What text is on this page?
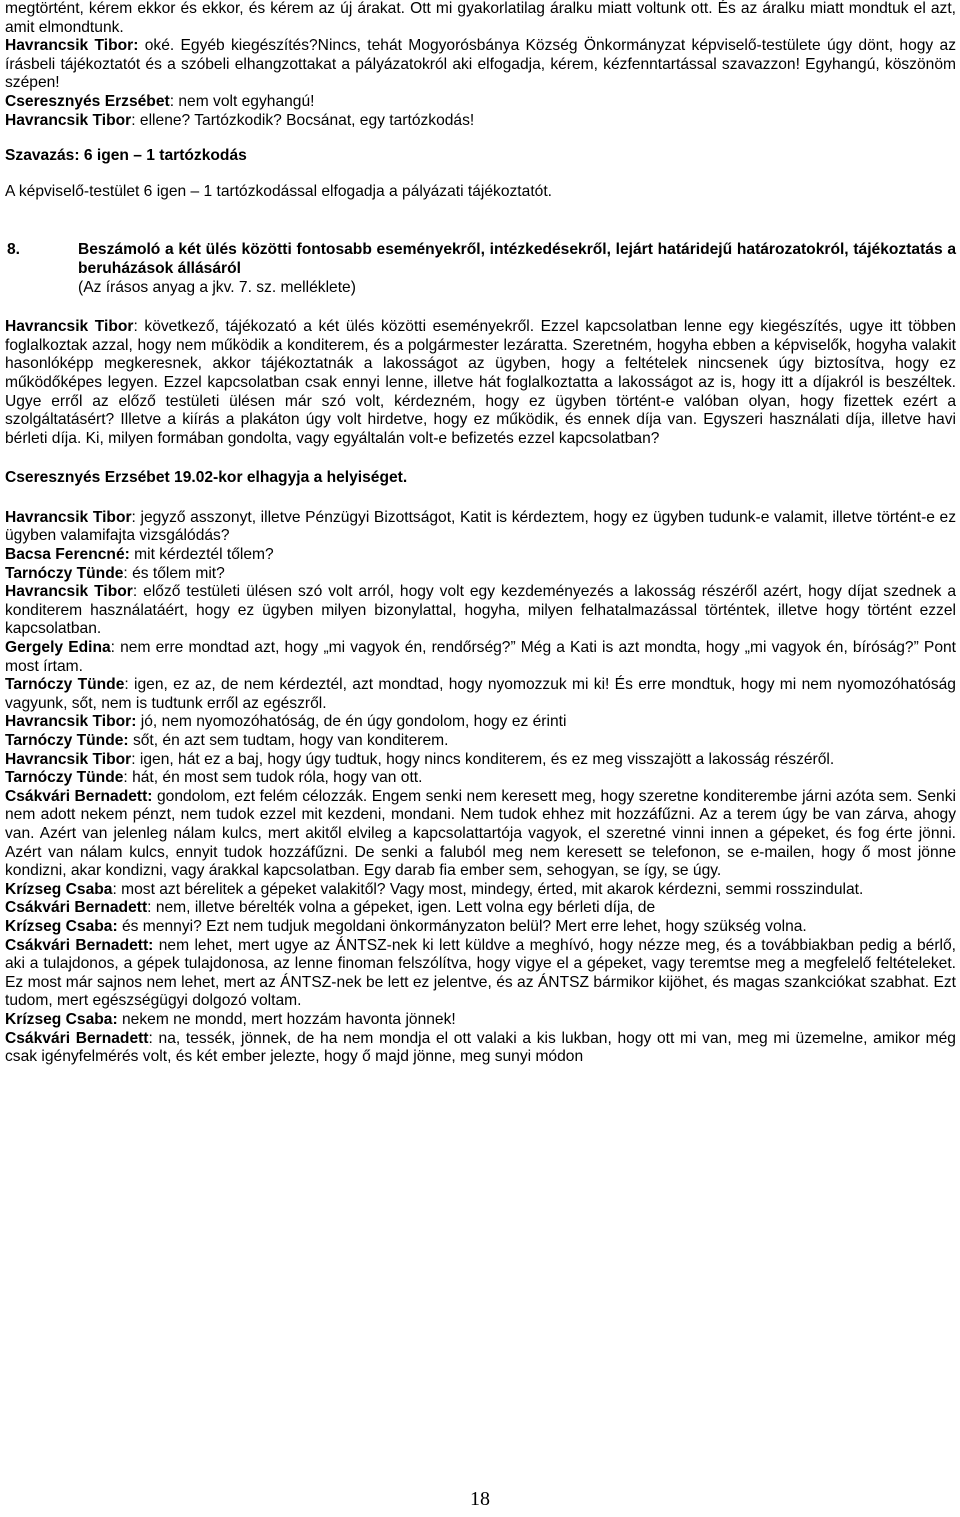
megtörtént, kérem ekkor és ekkor, és kérem az új árakat. Ott mi gyakorlatilag áralku miatt voltunk ott. És az áralku miatt mondtuk el azt, amit elmondtunk.

Havrancsik Tibor: oké. Egyéb kiegészítés?Nincs, tehát Mogyorósbánya Község Önkormányzat képviselő-testülete úgy dönt, hogy az írásbeli tájékoztatót és a szóbeli elhangzottakat a pályázatokról aki elfogadja, kérem, kézfenntartással szavazzon! Egyhangú, köszönöm szépen!

Cseresznyés Erzsébet: nem volt egyhangú!

Havrancsik Tibor: ellene? Tartózkodik? Bocsánat, egy tartózkodás!

Szavazás: 6 igen – 1 tartózkodás

A képviselő-testület 6 igen – 1 tartózkodással elfogadja a pályázati tájékoztatót.

8.	Beszámoló a két ülés közötti fontosabb eseményekről, intézkedésekről, lejárt határidejű határozatokról, tájékoztatás a beruházások állásáról
(Az írásos anyag a jkv. 7. sz. melléklete)

Havrancsik Tibor: következő, tájékozató a két ülés közötti eseményekről. Ezzel kapcsolatban lenne egy kiegészítés, ugye itt többen foglalkoztak azzal, hogy nem működik a konditerem, és a polgármester lezáratta. Szeretném, hogyha ebben a képviselők, hogyha valakit hasonlóképp megkeresnek, akkor tájékoztatnák a lakosságot az ügyben, hogy a feltételek nincsenek úgy biztosítva, hogy ez működőképes legyen. Ezzel kapcsolatban csak ennyi lenne, illetve hát foglalkoztatta a lakosságot az is, hogy itt a díjakról is beszéltek. Ugye erről az előző testületi ülésen már szó volt, kérdezném, hogy ez ügyben történt-e valóban olyan, hogy fizettek ezért a szolgáltatásért? Illetve a kiírás a plakáton úgy volt hirdetve, hogy ez működik, és ennek díja van. Egyszeri használati díja, illetve havi bérleti díja. Ki, milyen formában gondolta, vagy egyáltalán volt-e befizetés ezzel kapcsolatban?

Cseresznyés Erzsébet 19.02-kor elhagyja a helyiséget.

Havrancsik Tibor: jegyző asszonyt, illetve Pénzügyi Bizottságot, Katit is kérdeztem, hogy ez ügyben tudunk-e valamit, illetve történt-e ez ügyben valamifajta vizsgálódás?

Bacsa Ferencné: mit kérdeztél tőlem?

Tarnóczy Tünde: és tőlem mit?

Havrancsik Tibor: előző testületi ülésen szó volt arról, hogy volt egy kezdeményezés a lakosság részéről azért, hogy díjat szednek a konditerem használatáért, hogy ez ügyben milyen bizonylattal, hogyha, milyen felhatalmazással történtek, illetve hogy történt ezzel kapcsolatban.

Gergely Edina: nem erre mondtad azt, hogy „mi vagyok én, rendőrség?” Még a Kati is azt mondta, hogy „mi vagyok én, bíróság?” Pont most írtam.

Tarnóczy Tünde: igen, ez az, de nem kérdeztél, azt mondtad, hogy nyomozzuk mi ki! És erre mondtuk, hogy mi nem nyomozóhatóság vagyunk, sőt, nem is tudtunk erről az egészről.

Havrancsik Tibor: jó, nem nyomozóhatóság, de én úgy gondolom, hogy ez érinti

Tarnóczy Tünde: sőt, én azt sem tudtam, hogy van konditerem.

Havrancsik Tibor: igen, hát ez a baj, hogy úgy tudtuk, hogy nincs konditerem, és ez meg visszajött a lakosság részéről.

Tarnóczy Tünde: hát, én most sem tudok róla, hogy van ott.

Csákvári Bernadett: gondolom, ezt felém célozzák. Engem senki nem keresett meg, hogy szeretne konditerembe járni azóta sem. Senki nem adott nekem pénzt, nem tudok ezzel mit kezdeni, mondani. Nem tudok ehhez mit hozzáfűzni. Az a terem úgy be van zárva, ahogy van. Azért van jelenleg nálam kulcs, mert akitől elvileg a kapcsolattartója vagyok, el szeretné vinni innen a gépeket, és fog érte jönni. Azért van nálam kulcs, ennyit tudok hozzáfűzni. De senki a faluból meg nem keresett se telefonon, se e-mailen, hogy ő most jönne kondizni, akar kondizni, vagy árakkal kapcsolatban. Egy darab fia ember sem, sehogyan, se így, se úgy.

Krízseg Csaba: most azt bérelitek a gépeket valakitől? Vagy most, mindegy, érted, mit akarok kérdezni, semmi rosszindulat.

Csákvári Bernadett: nem, illetve bérelték volna a gépeket, igen. Lett volna egy bérleti díja, de

Krízseg Csaba: és mennyi? Ezt nem tudjuk megoldani önkormányzaton belül? Mert erre lehet, hogy szükség volna.

Csákvári Bernadett: nem lehet, mert ugye az ÁNTSZ-nek ki lett küldve a meghívó, hogy nézze meg, és a továbbiakban pedig a bérlő, aki a tulajdonos, a gépek tulajdonosa, az lenne finoman felszólítva, hogy vigye el a gépeket, vagy teremtse meg a megfelelő feltételeket. Ez most már sajnos nem lehet, mert az ÁNTSZ-nek be lett ez jelentve, és az ÁNTSZ bármikor kijöhet, és magas szankciókat szabhat. Ezt tudom, mert egészségügyi dolgozó voltam.

Krízseg Csaba: nekem ne mondd, mert hozzám havonta jönnek!

Csákvári Bernadett: na, tessék, jönnek, de ha nem mondja el ott valaki a kis lukban, hogy ott mi van, meg mi üzemelne, amikor még csak igényfelmérés volt, és két ember jelezte, hogy ő majd jönne, meg sunyi módon

18
